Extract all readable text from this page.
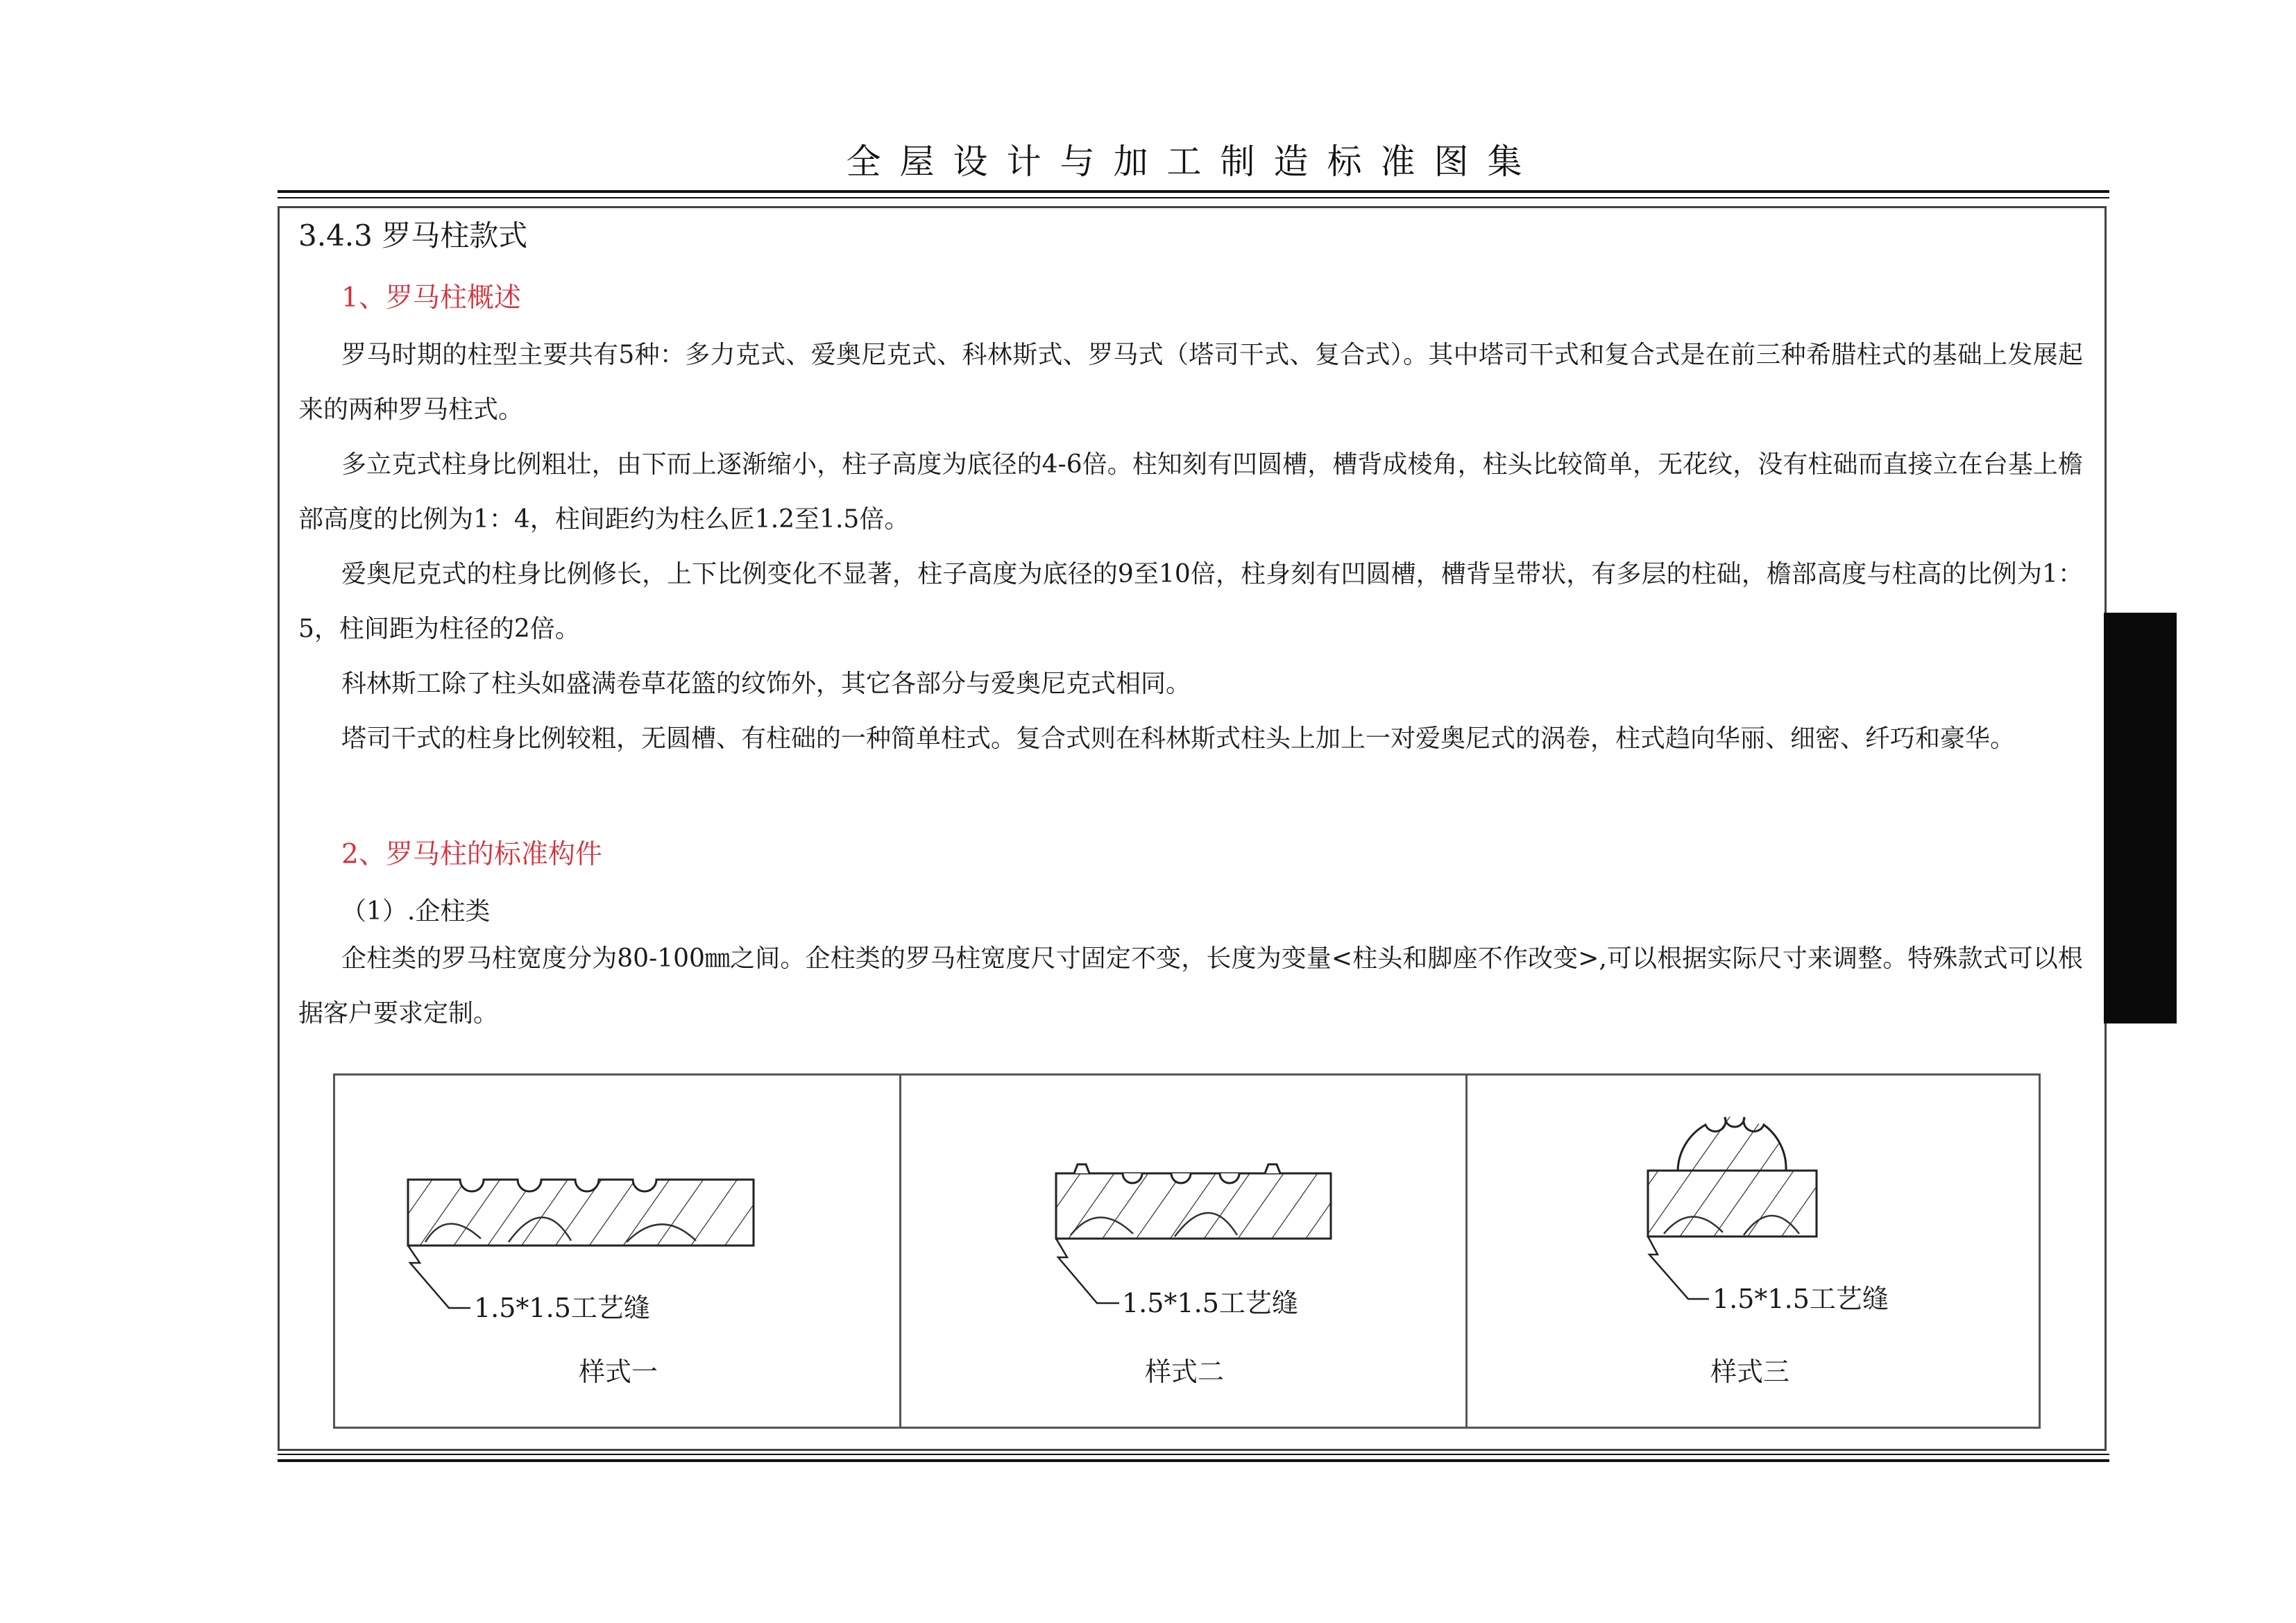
全屋设计与加工制造标准图集
3.4.3 罗马柱款式
1、罗马柱概述
罗马时期的柱型主要共有5种：多力克式、爱奥尼克式、科林斯式、罗马式（塔司干式、复合式）。其中塔司干式和复合式是在前三种希腊柱式的基础上发展起来的两种罗马柱式。
多立克式柱身比例粗壮，由下而上逐渐缩小，柱子高度为底径的4-6倍。柱知刻有凹圆槽，槽背成棱角，柱头比较简单，无花纹，没有柱础而直接立在台基上檐部高度的比例为1：4，柱间距约为柱么匠1.2至1.5倍。
爱奥尼克式的柱身比例修长，上下比例变化不显著，柱子高度为底径的9至10倍，柱身刻有凹圆槽，槽背呈带状，有多层的柱础，檐部高度与柱高的比例为1：5，柱间距为柱径的2倍。
科林斯工除了柱头如盛满卷草花篮的纹饰外，其它各部分与爱奥尼克式相同。
塔司干式的柱身比例较粗，无圆槽、有柱础的一种简单柱式。复合式则在科林斯式柱头上加上一对爱奥尼式的涡卷，柱式趋向华丽、细密、纤巧和豪华。
2、罗马柱的标准构件
（1）.企柱类
企柱类的罗马柱宽度分为80-100㎜之间。企柱类的罗马柱宽度尺寸固定不变，长度为变量<柱头和脚座不作改变>,可以根据实际尺寸来调整。特殊款式可以根据客户要求定制。
1.5*1.5工艺缝	1.5*1.5工艺缝	1.5*1.5工艺缝
样式一	样式二	样式三
